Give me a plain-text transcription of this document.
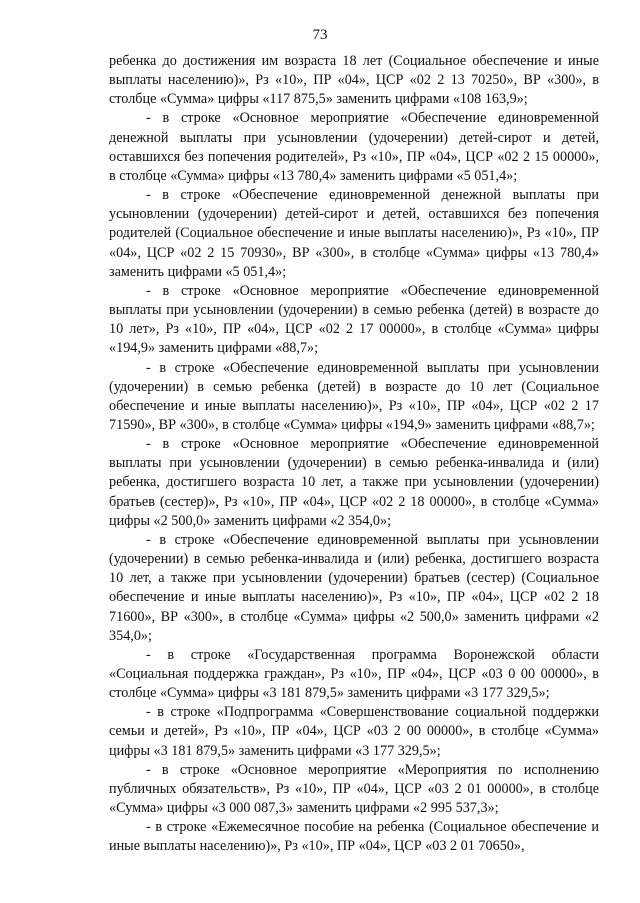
73

ребенка до достижения им возраста 18 лет (Социальное обеспечение и иные выплаты населению)», Рз «10», ПР «04», ЦСР «02 2 13 70250», ВР «300», в столбце «Сумма» цифры «117 875,5» заменить цифрами «108 163,9»;

- в строке «Основное мероприятие «Обеспечение единовременной денежной выплаты при усыновлении (удочерении) детей-сирот и детей, оставшихся без попечения родителей», Рз «10», ПР «04», ЦСР «02 2 15 00000», в столбце «Сумма» цифры «13 780,4» заменить цифрами «5 051,4»;

- в строке «Обеспечение единовременной денежной выплаты при усыновлении (удочерении) детей-сирот и детей, оставшихся без попечения родителей (Социальное обеспечение и иные выплаты населению)», Рз «10», ПР «04», ЦСР «02 2 15 70930», ВР «300», в столбце «Сумма» цифры «13 780,4» заменить цифрами «5 051,4»;

- в строке «Основное мероприятие «Обеспечение единовременной выплаты при усыновлении (удочерении) в семью ребенка (детей) в возрасте до 10 лет», Рз «10», ПР «04», ЦСР «02 2 17 00000», в столбце «Сумма» цифры «194,9» заменить цифрами «88,7»;

- в строке «Обеспечение единовременной выплаты при усыновлении (удочерении) в семью ребенка (детей) в возрасте до 10 лет (Социальное обеспечение и иные выплаты населению)», Рз «10», ПР «04», ЦСР «02 2 17 71590», ВР «300», в столбце «Сумма» цифры «194,9» заменить цифрами «88,7»;

- в строке «Основное мероприятие «Обеспечение единовременной выплаты при усыновлении (удочерении) в семью ребенка-инвалида и (или) ребенка, достигшего возраста 10 лет, а также при усыновлении (удочерении) братьев (сестер)», Рз «10», ПР «04», ЦСР «02 2 18 00000», в столбце «Сумма» цифры «2 500,0» заменить цифрами «2 354,0»;

- в строке «Обеспечение единовременной выплаты при усыновлении (удочерении) в семью ребенка-инвалида и (или) ребенка, достигшего возраста 10 лет, а также при усыновлении (удочерении) братьев (сестер) (Социальное обеспечение и иные выплаты населению)», Рз «10», ПР «04», ЦСР «02 2 18 71600», ВР «300», в столбце «Сумма» цифры «2 500,0» заменить цифрами «2 354,0»;

- в строке «Государственная программа Воронежской области «Социальная поддержка граждан», Рз «10», ПР «04», ЦСР «03 0 00 00000», в столбце «Сумма» цифры «3 181 879,5» заменить цифрами «3 177 329,5»;

- в строке «Подпрограмма «Совершенствование социальной поддержки семьи и детей», Рз «10», ПР «04», ЦСР «03 2 00 00000», в столбце «Сумма» цифры «3 181 879,5» заменить цифрами «3 177 329,5»;

- в строке «Основное мероприятие «Мероприятия по исполнению публичных обязательств», Рз «10», ПР «04», ЦСР «03 2 01 00000», в столбце «Сумма» цифры «3 000 087,3» заменить цифрами «2 995 537,3»;

- в строке «Ежемесячное пособие на ребенка (Социальное обеспечение и иные выплаты населению)», Рз «10», ПР «04», ЦСР «03 2 01 70650»,
